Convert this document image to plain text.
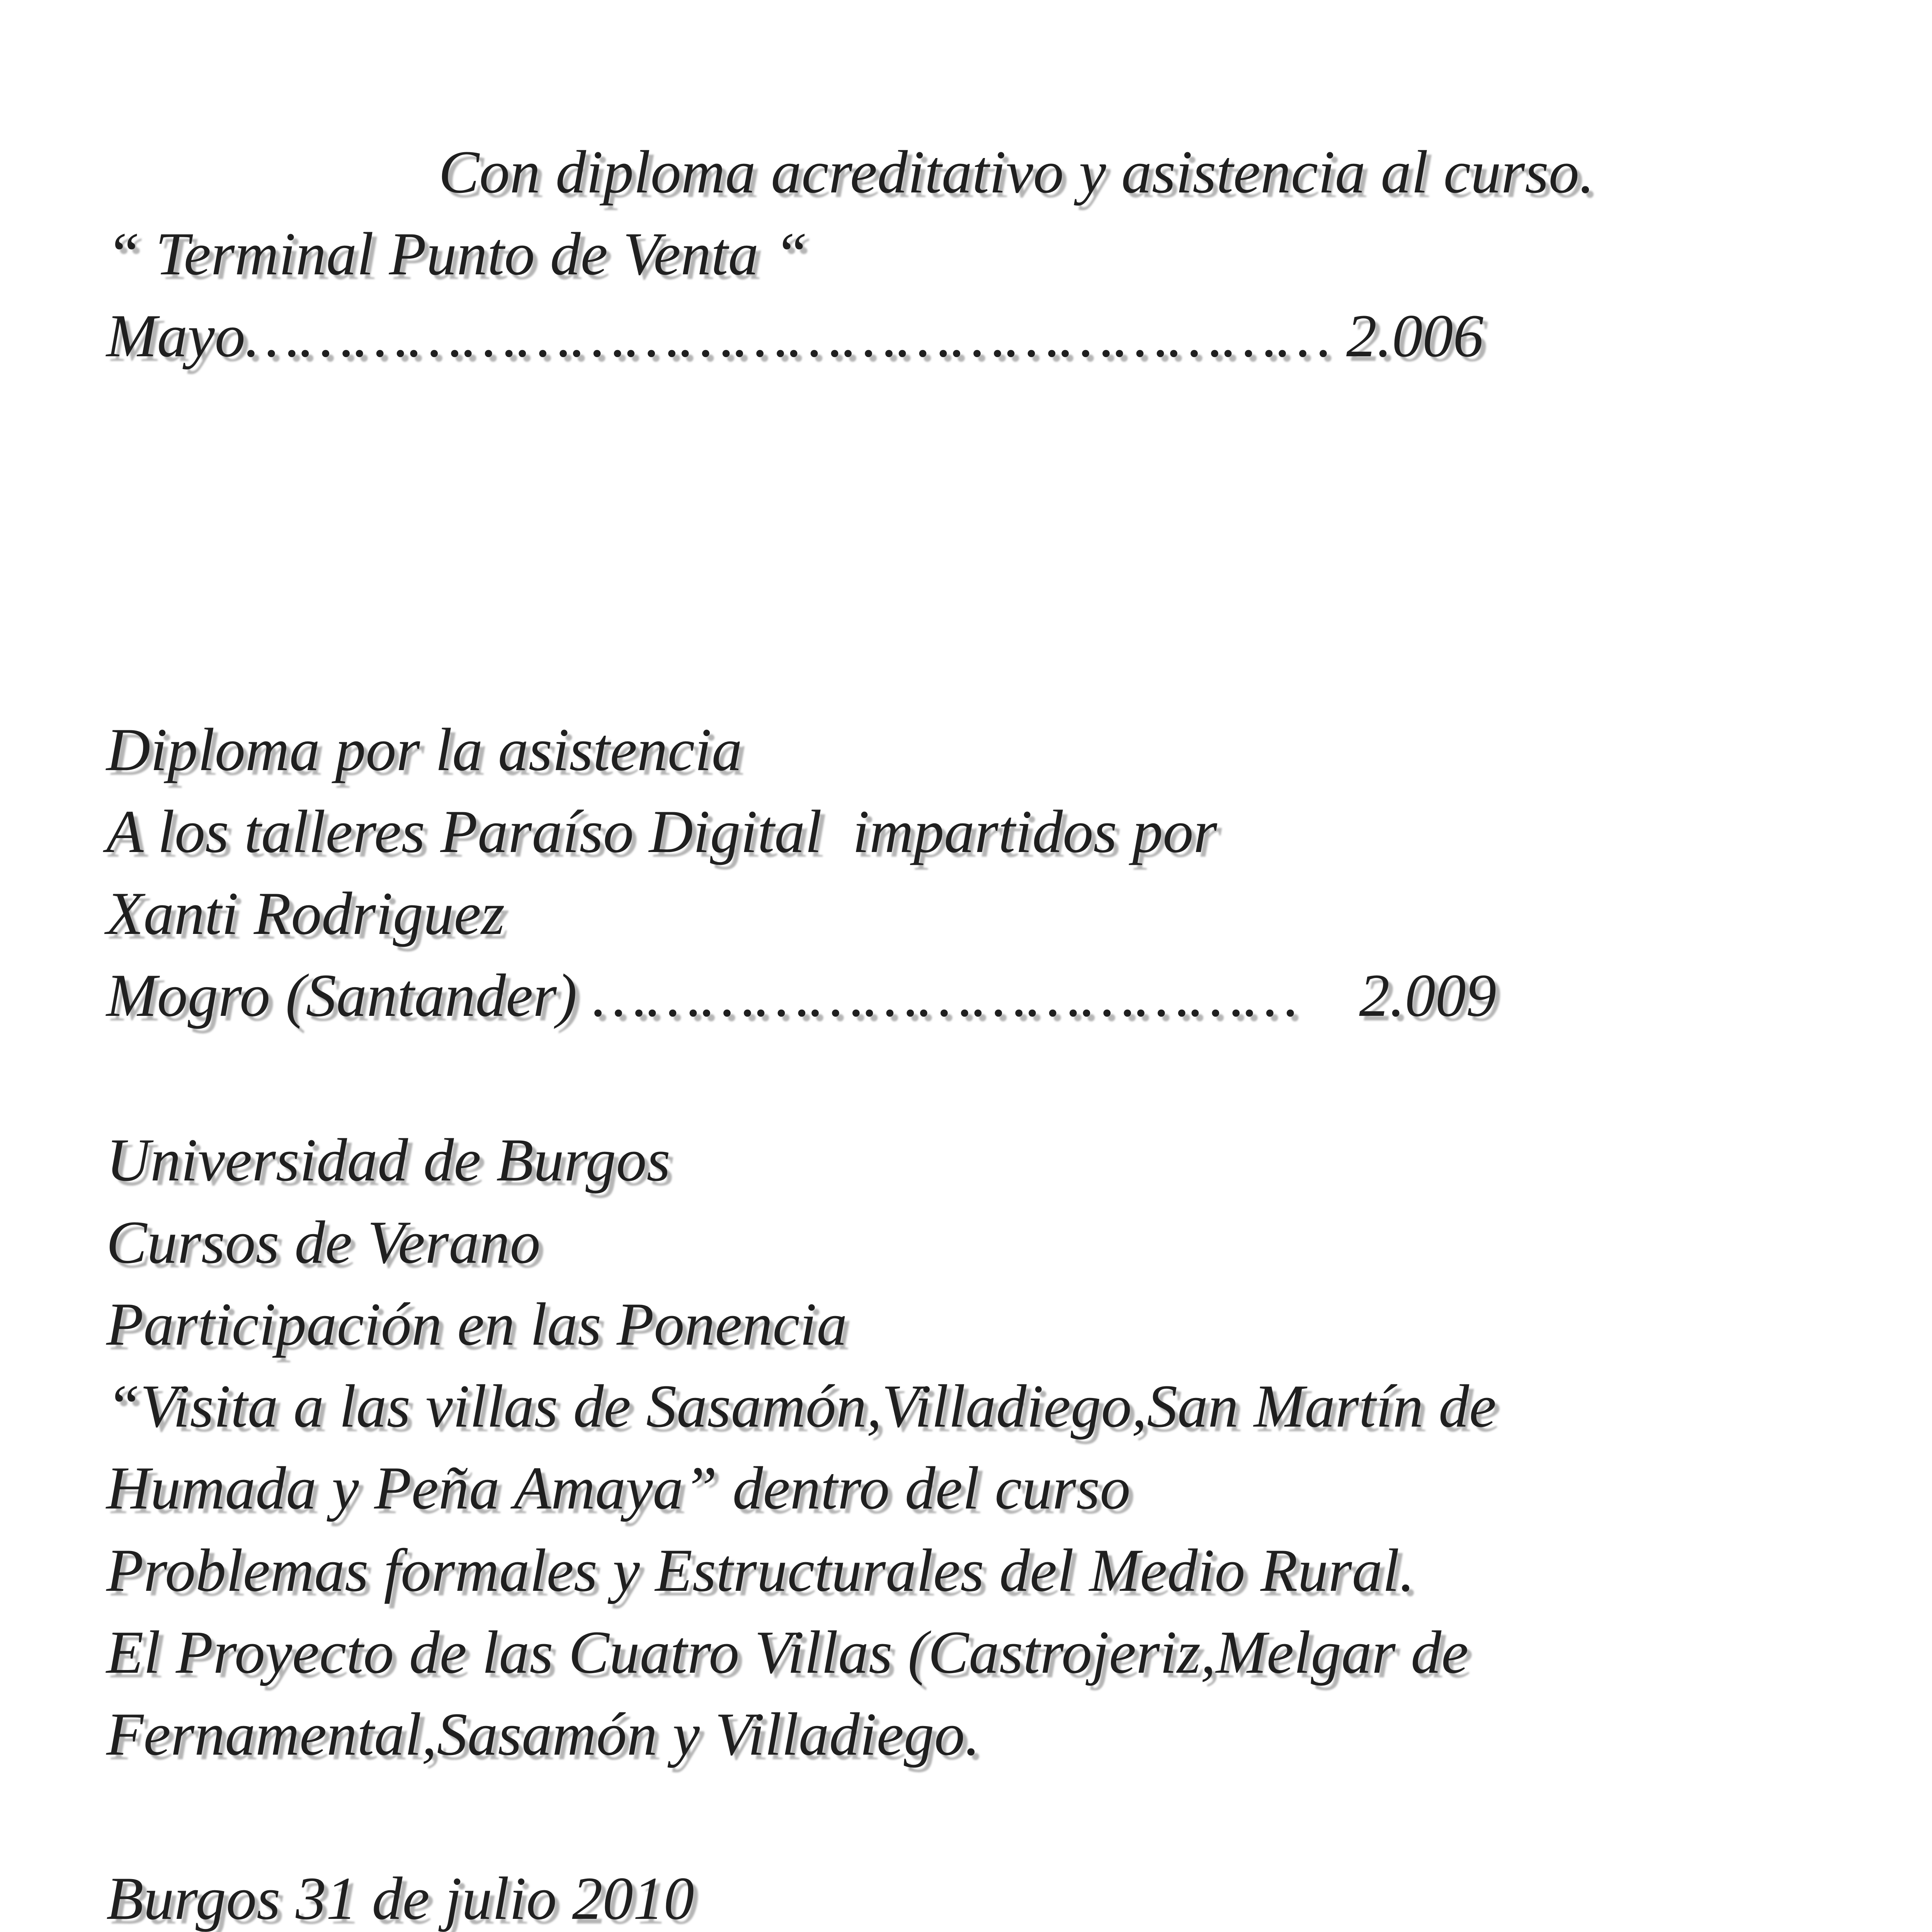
Con diploma acreditativo y asistencia al curso.
“ Terminal Punto de Venta “
Mayo…………………………………………………… 2.006
Diploma por la asistencia
A los talleres Paraíso Digital  impartidos por
Xanti Rodriguez
Mogro (Santander) …………………………………    2.009
Universidad de Burgos
Cursos de Verano
Participación en las Ponencia
“Visita a las villas de Sasamón,Villadiego,San Martín de
Humada y Peña Amaya” dentro del curso
Problemas formales y Estructurales del Medio Rural.
El Proyecto de las Cuatro Villas (Castrojeriz,Melgar de
Fernamental,Sasamón y Villadiego.
Burgos 31 de julio 2010
